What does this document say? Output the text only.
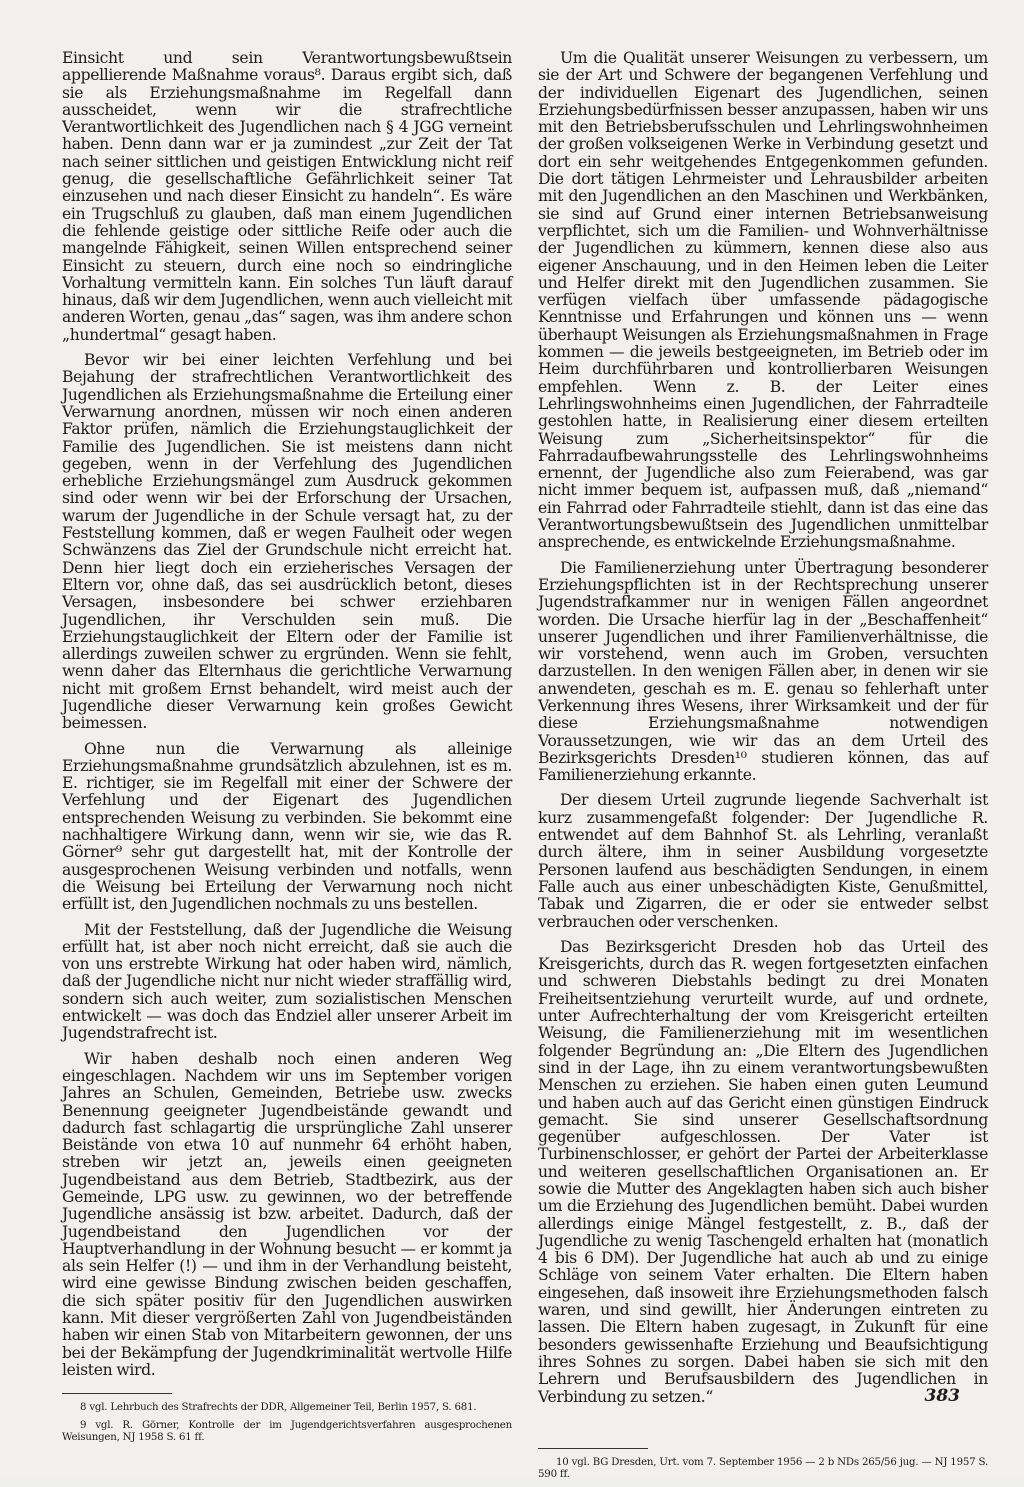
Einsicht und sein Verantwortungsbewußtsein appellierende Maßnahme voraus⁸. Daraus ergibt sich, daß sie als Erziehungsmaßnahme im Regelfall dann ausscheidet, wenn wir die strafrechtliche Verantwortlichkeit des Jugendlichen nach § 4 JGG verneint haben. Denn dann war er ja zumindest „zur Zeit der Tat nach seiner sittlichen und geistigen Entwicklung nicht reif genug, die gesellschaftliche Gefährlichkeit seiner Tat einzusehen und nach dieser Einsicht zu handeln“. Es wäre ein Trugschluß zu glauben, daß man einem Jugendlichen die fehlende geistige oder sittliche Reife oder auch die mangelnde Fähigkeit, seinen Willen entsprechend seiner Einsicht zu steuern, durch eine noch so eindringliche Vorhaltung vermitteln kann. Ein solches Tun läuft darauf hinaus, daß wir dem Jugendlichen, wenn auch vielleicht mit anderen Worten, genau „das“ sagen, was ihm andere schon „hundertmal“ gesagt haben.

Bevor wir bei einer leichten Verfehlung und bei Bejahung der strafrechtlichen Verantwortlichkeit des Jugendlichen als Erziehungsmaßnahme die Erteilung einer Verwarnung anordnen, müssen wir noch einen anderen Faktor prüfen, nämlich die Erziehungstauglichkeit der Familie des Jugendlichen. Sie ist meistens dann nicht gegeben, wenn in der Verfehlung des Jugendlichen erhebliche Erziehungsmängel zum Ausdruck gekommen sind oder wenn wir bei der Erforschung der Ursachen, warum der Jugendliche in der Schule versagt hat, zu der Feststellung kommen, daß er wegen Faulheit oder wegen Schwänzens das Ziel der Grundschule nicht erreicht hat. Denn hier liegt doch ein erzieherisches Versagen der Eltern vor, ohne daß, das sei ausdrücklich betont, dieses Versagen, insbesondere bei schwer erziehbaren Jugendlichen, ihr Verschulden sein muß. Die Erziehungstauglichkeit der Eltern oder der Familie ist allerdings zuweilen schwer zu ergründen. Wenn sie fehlt, wenn daher das Elternhaus die gerichtliche Verwarnung nicht mit großem Ernst behandelt, wird meist auch der Jugendliche dieser Verwarnung kein großes Gewicht beimessen.

Ohne nun die Verwarnung als alleinige Erziehungsmaßnahme grundsätzlich abzulehnen, ist es m. E. richtiger, sie im Regelfall mit einer der Schwere der Verfehlung und der Eigenart des Jugendlichen entsprechenden Weisung zu verbinden. Sie bekommt eine nachhaltigere Wirkung dann, wenn wir sie, wie das R. Görner⁹ sehr gut dargestellt hat, mit der Kontrolle der ausgesprochenen Weisung verbinden und notfalls, wenn die Weisung bei Erteilung der Verwarnung noch nicht erfüllt ist, den Jugendlichen nochmals zu uns bestellen.

Mit der Feststellung, daß der Jugendliche die Weisung erfüllt hat, ist aber noch nicht erreicht, daß sie auch die von uns erstrebte Wirkung hat oder haben wird, nämlich, daß der Jugendliche nicht nur nicht wieder straffällig wird, sondern sich auch weiter, zum sozialistischen Menschen entwickelt — was doch das Endziel aller unserer Arbeit im Jugendstrafrecht ist.

Wir haben deshalb noch einen anderen Weg eingeschlagen. Nachdem wir uns im September vorigen Jahres an Schulen, Gemeinden, Betriebe usw. zwecks Benennung geeigneter Jugendbeistände gewandt und dadurch fast schlagartig die ursprüngliche Zahl unserer Beistände von etwa 10 auf nunmehr 64 erhöht haben, streben wir jetzt an, jeweils einen geeigneten Jugendbeistand aus dem Betrieb, Stadtbezirk, aus der Gemeinde, LPG usw. zu gewinnen, wo der betreffende Jugendliche ansässig ist bzw. arbeitet. Dadurch, daß der Jugendbeistand den Jugendlichen vor der Hauptverhandlung in der Wohnung besucht — er kommt ja als sein Helfer (!) — und ihm in der Verhandlung beisteht, wird eine gewisse Bindung zwischen beiden geschaffen, die sich später positiv für den Jugendlichen auswirken kann. Mit dieser vergrößerten Zahl von Jugendbeiständen haben wir einen Stab von Mitarbeitern gewonnen, der uns bei der Bekämpfung der Jugendkriminalität wertvolle Hilfe leisten wird.

8 vgl. Lehrbuch des Strafrechts der DDR, Allgemeiner Teil, Berlin 1957, S. 681.

9 vgl. R. Görner, Kontrolle der im Jugendgerichtsverfahren ausgesprochenen Weisungen, NJ 1958 S. 61 ff.

Um die Qualität unserer Weisungen zu verbessern, um sie der Art und Schwere der begangenen Verfehlung und der individuellen Eigenart des Jugendlichen, seinen Erziehungsbedürfnissen besser anzupassen, haben wir uns mit den Betriebsberufsschulen und Lehrlingswohnheimen der großen volkseigenen Werke in Verbindung gesetzt und dort ein sehr weitgehendes Entgegenkommen gefunden. Die dort tätigen Lehrmeister und Lehrausbilder arbeiten mit den Jugendlichen an den Maschinen und Werkbänken, sie sind auf Grund einer internen Betriebsanweisung verpflichtet, sich um die Familien- und Wohnverhältnisse der Jugendlichen zu kümmern, kennen diese also aus eigener Anschauung, und in den Heimen leben die Leiter und Helfer direkt mit den Jugendlichen zusammen. Sie verfügen vielfach über umfassende pädagogische Kenntnisse und Erfahrungen und können uns — wenn überhaupt Weisungen als Erziehungsmaßnahmen in Frage kommen — die jeweils bestgeeigneten, im Betrieb oder im Heim durchführbaren und kontrollierbaren Weisungen empfehlen. Wenn z. B. der Leiter eines Lehrlingswohnheims einen Jugendlichen, der Fahrradteile gestohlen hatte, in Realisierung einer diesem erteilten Weisung zum „Sicherheitsinspektor“ für die Fahrradaufbewahrungsstelle des Lehrlingswohnheims ernennt, der Jugendliche also zum Feierabend, was gar nicht immer bequem ist, aufpassen muß, daß „niemand“ ein Fahrrad oder Fahrradteile stiehlt, dann ist das eine das Verantwortungsbewußtsein des Jugendlichen unmittelbar ansprechende, es entwickelnde Erziehungsmaßnahme.

Die Familienerziehung unter Übertragung besonderer Erziehungspflichten ist in der Rechtsprechung unserer Jugendstrafkammer nur in wenigen Fällen angeordnet worden. Die Ursache hierfür lag in der „Beschaffenheit“ unserer Jugendlichen und ihrer Familienverhältnisse, die wir vorstehend, wenn auch im Groben, versuchten darzustellen. In den wenigen Fällen aber, in denen wir sie anwendeten, geschah es m. E. genau so fehlerhaft unter Verkennung ihres Wesens, ihrer Wirksamkeit und der für diese Erziehungsmaßnahme notwendigen Voraussetzungen, wie wir das an dem Urteil des Bezirksgerichts Dresden¹⁰ studieren können, das auf Familienerziehung erkannte.

Der diesem Urteil zugrunde liegende Sachverhalt ist kurz zusammengefaßt folgender: Der Jugendliche R. entwendet auf dem Bahnhof St. als Lehrling, veranlaßt durch ältere, ihm in seiner Ausbildung vorgesetzte Personen laufend aus beschädigten Sendungen, in einem Falle auch aus einer unbeschädigten Kiste, Genußmittel, Tabak und Zigarren, die er oder sie entweder selbst verbrauchen oder verschenken.

Das Bezirksgericht Dresden hob das Urteil des Kreisgerichts, durch das R. wegen fortgesetzten einfachen und schweren Diebstahls bedingt zu drei Monaten Freiheitsentziehung verurteilt wurde, auf und ordnete, unter Aufrechterhaltung der vom Kreisgericht erteilten Weisung, die Familienerziehung mit im wesentlichen folgender Begründung an: „Die Eltern des Jugendlichen sind in der Lage, ihn zu einem verantwortungsbewußten Menschen zu erziehen. Sie haben einen guten Leumund und haben auch auf das Gericht einen günstigen Eindruck gemacht. Sie sind unserer Gesellschaftsordnung gegenüber aufgeschlossen. Der Vater ist Turbinenschlosser, er gehört der Partei der Arbeiterklasse und weiteren gesellschaftlichen Organisationen an. Er sowie die Mutter des Angeklagten haben sich auch bisher um die Erziehung des Jugendlichen bemüht. Dabei wurden allerdings einige Mängel festgestellt, z. B., daß der Jugendliche zu wenig Taschengeld erhalten hat (monatlich 4 bis 6 DM). Der Jugendliche hat auch ab und zu einige Schläge von seinem Vater erhalten. Die Eltern haben eingesehen, daß insoweit ihre Erziehungsmethoden falsch waren, und sind gewillt, hier Änderungen eintreten zu lassen. Die Eltern haben zugesagt, in Zukunft für eine besonders gewissenhafte Erziehung und Beaufsichtigung ihres Sohnes zu sorgen. Dabei haben sie sich mit den Lehrern und Berufsausbildern des Jugendlichen in Verbindung zu setzen.“

10 vgl. BG Dresden, Urt. vom 7. September 1956 — 2 b NDs 265/56 jug. — NJ 1957 S. 590 ff.

383
